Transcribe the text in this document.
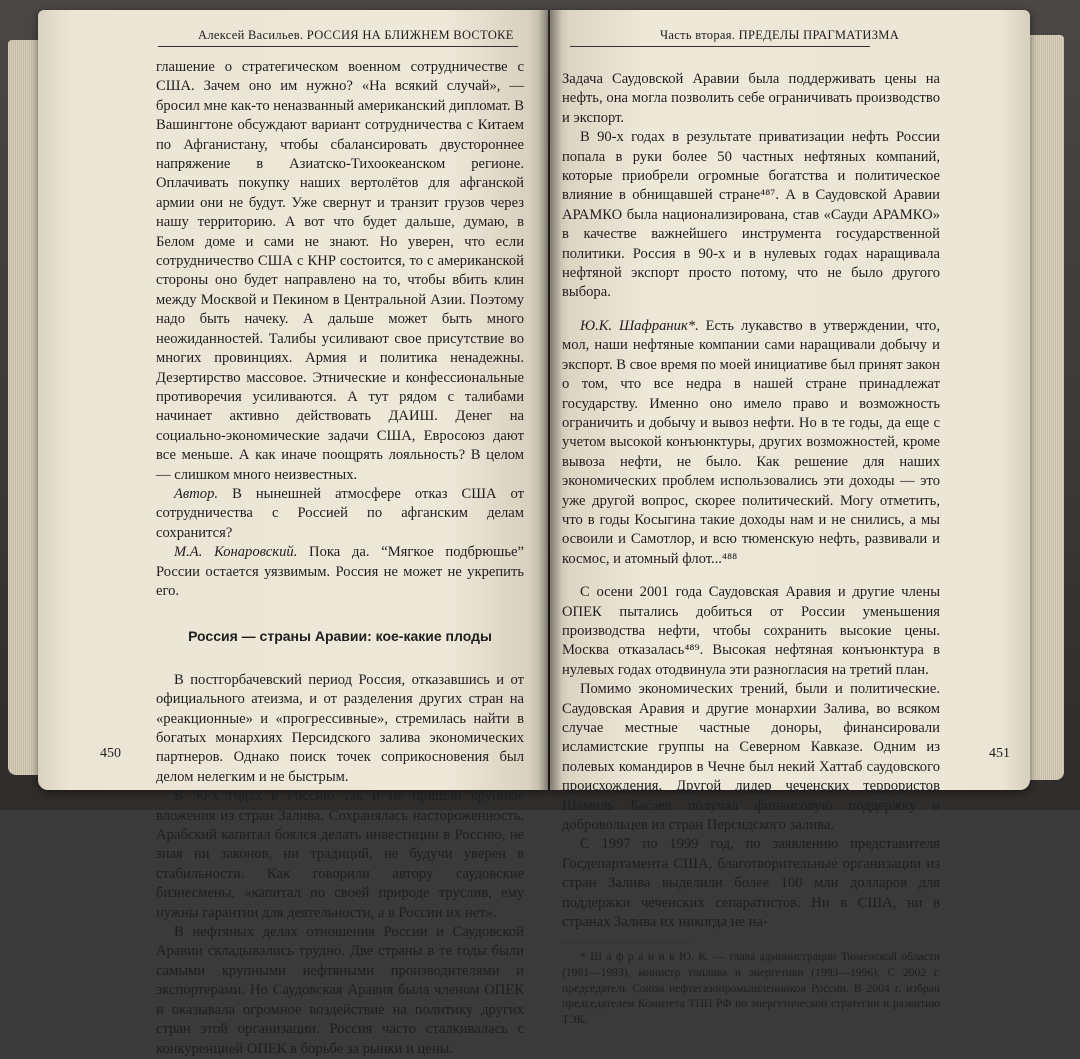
Алексей Васильев. РОССИЯ НА БЛИЖНЕМ ВОСТОКЕ

глашение о стратегическом военном сотрудничестве с США. Зачем оно им нужно? «На всякий случай», — бросил мне как-то неназванный американский дипломат. В Вашингтоне обсуждают вариант сотрудничества с Китаем по Афганистану, чтобы сбалансировать двустороннее напряжение в Азиатско-Тихоокеанском регионе. Оплачивать покупку наших вертолётов для афганской армии они не будут. Уже свернут и транзит грузов через нашу территорию. А вот что будет дальше, думаю, в Белом доме и сами не знают. Но уверен, что если сотрудничество США с КНР состоится, то с американской стороны оно будет направлено на то, чтобы вбить клин между Москвой и Пекином в Центральной Азии. Поэтому надо быть начеку. А дальше может быть много неожиданностей. Талибы усиливают свое присутствие во многих провинциях. Армия и политика ненадежны. Дезертирство массовое. Этнические и конфессиональные противоречия усиливаются. А тут рядом с талибами начинает активно действовать ДАИШ. Денег на социально-экономические задачи США, Евросоюз дают все меньше. А как иначе поощрять лояльность? В целом — слишком много неизвестных.

Автор. В нынешней атмосфере отказ США от сотрудничества с Россией по афганским делам сохранится?

М.А. Конаровский. Пока да. “Мягкое подбрюшье” России остается уязвимым. Россия не может не укрепить его.

Россия — страны Аравии: кое-какие плоды

В постгорбачевский период Россия, отказавшись и от официального атеизма, и от разделения других стран на «реакционные» и «прогрессивные», стремилась найти в богатых монархиях Персидского залива экономических партнеров. Однако поиск точек соприкосновения был делом нелегким и не быстрым.

В 90-х годах в Россию так и не пришли крупные вложения из стран Залива. Сохранялась настороженность. Арабский капитал боялся делать инвестиции в Россию, не зная ни законов, ни традиций, не будучи уверен в стабильности. Как говорили автору саудовские бизнесмены, «капитал по своей природе труслив, ему нужны гарантии для деятельности, а в России их нет».

В нефтяных делах отношения России и Саудовской Аравии складывались трудно. Две страны в те годы были самыми крупными нефтяными производителями и экспортерами. Но Саудовская Аравия была членом ОПЕК и оказывала огромное воздействие на политику других стран этой организации. Россия часто сталкивалась с конкуренцией ОПЕК в борьбе за рынки и цены.

450
Часть вторая. ПРЕДЕЛЫ ПРАГМАТИЗМА

Задача Саудовской Аравии была поддерживать цены на нефть, она могла позволить себе ограничивать производство и экспорт.

В 90-х годах в результате приватизации нефть России попала в руки более 50 частных нефтяных компаний, которые приобрели огромные богатства и политическое влияние в обнищавшей стране⁴⁸⁷. А в Саудовской Аравии АРАМКО была национализирована, став «Сауди АРАМКО» в качестве важнейшего инструмента государственной политики. Россия в 90-х и в нулевых годах наращивала нефтяной экспорт просто потому, что не было другого выбора.

Ю.К. Шафраник*. Есть лукавство в утверждении, что, мол, наши нефтяные компании сами наращивали добычу и экспорт. В свое время по моей инициативе был принят закон о том, что все недра в нашей стране принадлежат государству. Именно оно имело право и возможность ограничить и добычу и вывоз нефти. Но в те годы, да еще с учетом высокой конъюнктуры, других возможностей, кроме вывоза нефти, не было. Как решение для наших экономических проблем использовались эти доходы — это уже другой вопрос, скорее политический. Могу отметить, что в годы Косыгина такие доходы нам и не снились, а мы освоили и Самотлор, и всю тюменскую нефть, развивали и космос, и атомный флот...⁴⁸⁸

С осени 2001 года Саудовская Аравия и другие члены ОПЕК пытались добиться от России уменьшения производства нефти, чтобы сохранить высокие цены. Москва отказалась⁴⁸⁹. Высокая нефтяная конъюнктура в нулевых годах отодвинула эти разногласия на третий план.

Помимо экономических трений, были и политические. Саудовская Аравия и другие монархии Залива, во всяком случае местные частные доноры, финансировали исламистские группы на Северном Кавказе. Одним из полевых командиров в Чечне был некий Хаттаб саудовского происхождения. Другой лидер чеченских террористов Шамиль Басаев получал финансовую поддержку и добровольцев из стран Персидского залива.

С 1997 по 1999 год, по заявлению представителя Госдепартамента США, благотворительные организации из стран Залива выделили более 100 млн долларов для поддержки чеченских сепаратистов. Ни в США, ни в странах Залива их никогда не на-

* Ш а ф р а н и к Ю. К. — глава администрации Тюменской области (1991—1993), министр топлива и энергетики (1993—1996). С 2002 г. председатель Союза нефтегазопромышленников России. В 2004 г. избран председателем Комитета ТПП РФ по энергетической стратегии и развитию ТЭК.

451
